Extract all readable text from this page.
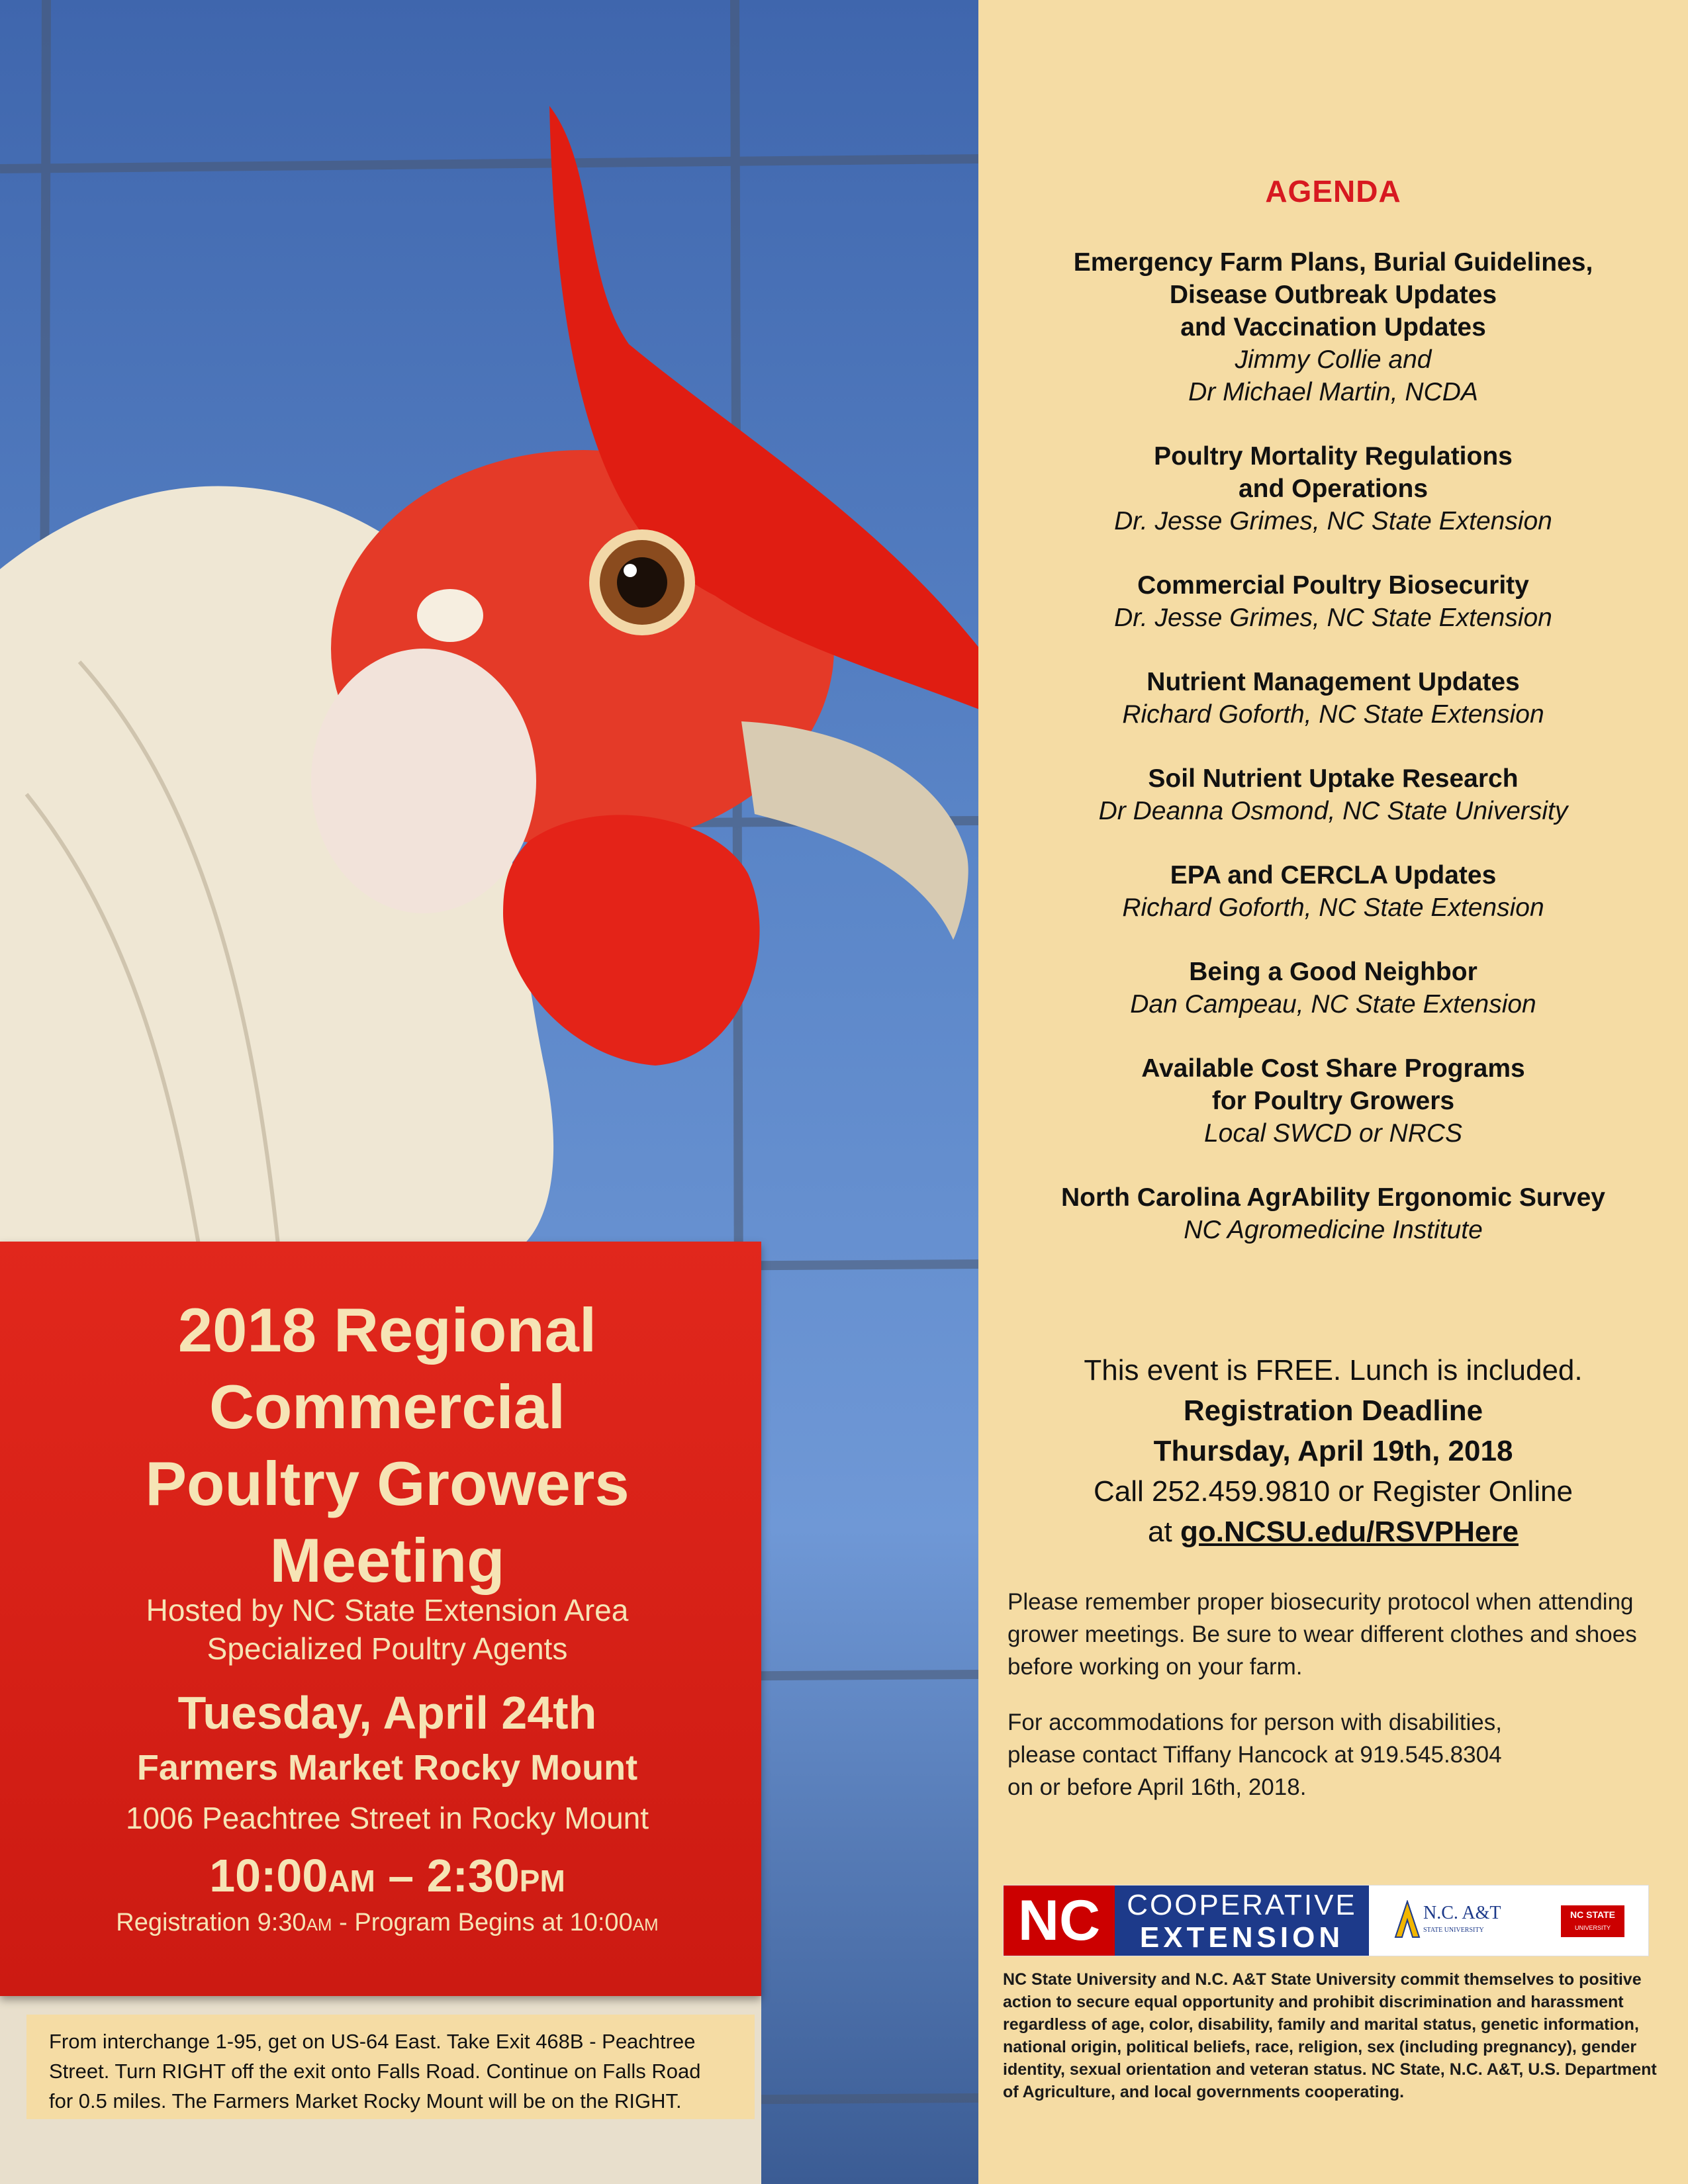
AGENDA
Emergency Farm Plans, Burial Guidelines,
Disease Outbreak Updates
and Vaccination Updates
Jimmy Collie and
Dr Michael Martin, NCDA
Poultry Mortality Regulations
and Operations
Dr. Jesse Grimes, NC State Extension
Commercial Poultry Biosecurity
Dr. Jesse Grimes, NC State Extension
Nutrient Management Updates
Richard Goforth, NC State Extension
Soil Nutrient Uptake Research
Dr Deanna Osmond, NC State University
EPA and CERCLA Updates
Richard Goforth, NC State Extension
Being a Good Neighbor
Dan Campeau, NC State Extension
Available Cost Share Programs
for Poultry Growers
Local SWCD or NRCS
North Carolina AgrAbility Ergonomic Survey
NC Agromedicine Institute
This event is FREE. Lunch is included.
Registration Deadline
Thursday, April 19th, 2018
Call 252.459.9810 or Register Online
at go.NCSU.edu/RSVPHere
Please remember proper biosecurity protocol when attending grower meetings. Be sure to wear different clothes and shoes before working on your farm.
For accommodations for person with disabilities,
please contact Tiffany Hancock at 919.545.8304
on or before April 16th, 2018.
NC COOPERATIVE
EXTENSION
N.C. A&T
STATE UNIVERSITY
NC STATE
UNIVERSITY
NC State University and N.C. A&T State University commit themselves to positive action to secure equal opportunity and prohibit discrimination and harassment regardless of age, color, disability, family and marital status, genetic information, national origin, political beliefs, race, religion, sex (including pregnancy), gender identity, sexual orientation and veteran status. NC State, N.C. A&T, U.S. Department of Agriculture, and local governments cooperating.
2018 Regional
Commercial
Poultry Growers
Meeting
Hosted by NC State Extension Area
Specialized Poultry Agents
Tuesday, April 24th
Farmers Market Rocky Mount
1006 Peachtree Street in Rocky Mount
10:00AM – 2:30PM
Registration 9:30AM - Program Begins at 10:00AM
From interchange 1-95, get on US-64 East. Take Exit 468B - Peachtree
Street. Turn RIGHT off the exit onto Falls Road. Continue on Falls Road
for 0.5 miles. The Farmers Market Rocky Mount will be on the RIGHT.
